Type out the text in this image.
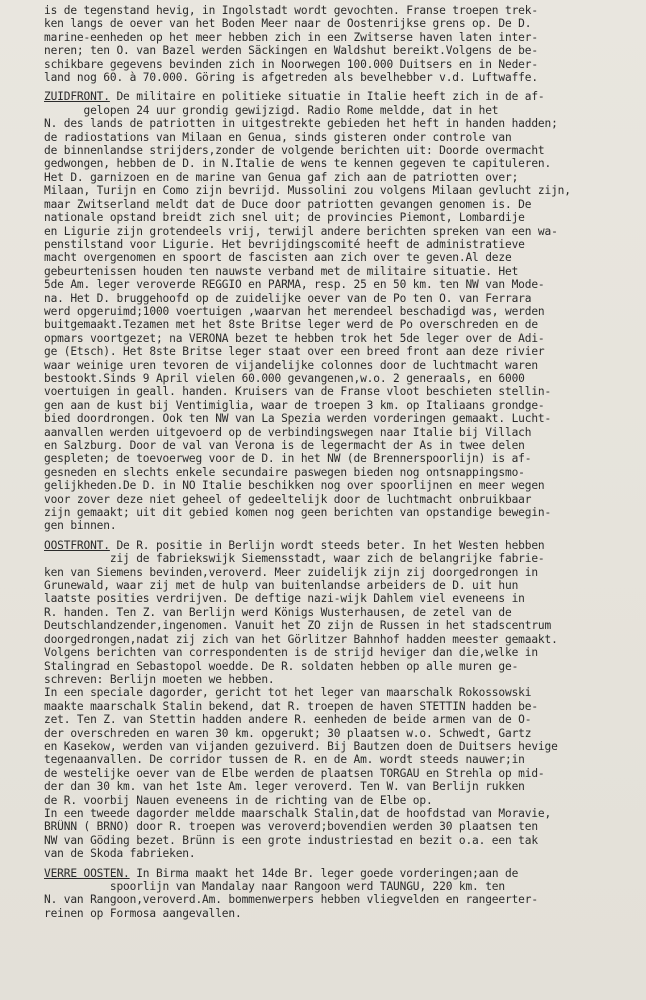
is de tegenstand hevig, in Ingolstadt wordt gevochten. Franse troepen trek-
ken langs de oever van het Boden Meer naar de Oostenrijkse grens op. De D.
marine-eenheden op het meer hebben zich in een Zwitserse haven laten inter-
neren; ten O. van Bazel werden Säckingen en Waldshut bereikt.Volgens de be-
schikbare gegevens bevinden zich in Noorwegen 100.000 Duitsers en in Neder-
land nog 60. à 70.000. Göring is afgetreden als bevelhebber v.d. Luftwaffe.
ZUIDFRONT. De militaire en politieke situatie in Italie heeft zich in de af-
gelopen 24 uur grondig gewijzigd. Radio Rome meldde, dat in het
N. des lands de patriotten in uitgestrekte gebieden het heft in handen hadden;
de radiostations van Milaan en Genua, sinds gisteren onder controle van
de binnenlandse strijders,zonder de volgende berichten uit: Doorde overmacht
gedwongen, hebben de D. in N.Italie de wens te kennen gegeven te capituleren.
Het D. garnizoen en de marine van Genua gaf zich aan de patriotten over;
Milaan, Turijn en Como zijn bevrijd. Mussolini zou volgens Milaan gevlucht zijn,
maar Zwitserland meldt dat de Duce door patriotten gevangen genomen is. De
nationale opstand breidt zich snel uit; de provincies Piemont, Lombardije
en Ligurie zijn grotendeels vrij, terwijl andere berichten spreken van een wa-
penstilstand voor Ligurie. Het bevrijdingscomité heeft de administratieve
macht overgenomen en spoort de fascisten aan zich over te geven.Al deze
gebeurtenissen houden ten nauwste verband met de militaire situatie. Het
5de Am. leger veroverde REGGIO en PARMA, resp. 25 en 50 km. ten NW van Mode-
na. Het D. bruggehoofd op de zuidelijke oever van de Po ten O. van Ferrara
werd opgeruimd;1000 voertuigen ,waarvan het merendeel beschadigd was, werden
buitgemaakt.Tezamen met het 8ste Britse leger werd de Po overschreden en de
opmars voortgezet; na VERONA bezet te hebben trok het 5de leger over de Adi-
ge (Etsch). Het 8ste Britse leger staat over een breed front aan deze rivier
waar weinige uren tevoren de vijandelijke colonnes door de luchtmacht waren
bestookt.Sinds 9 April vielen 60.000 gevangenen,w.o. 2 generaals, en 6000
voertuigen in geall. handen. Kruisers van de Franse vloot beschieten stellin-
gen aan de kust bij Ventimiglia, waar de troepen 3 km. op Italiaans grondge-
bied doordrongen. Ook ten NW van La Spezia werden vorderingen gemaakt. Lucht-
aanvallen werden uitgevoerd op de verbindingswegen naar Italie bij Villach
en Salzburg. Door de val van Verona is de legermacht der As in twee delen
gespleten; de toevoerweg voor de D. in het NW (de Brennerspoorlijn) is af-
gesneden en slechts enkele secundaire paswegen bieden nog ontsnappingsmo-
gelijkheden.De D. in NO Italie beschikken nog over spoorlijnen en meer wegen
voor zover deze niet geheel of gedeeltelijk door de luchtmacht onbruikbaar
zijn gemaakt; uit dit gebied komen nog geen berichten van opstandige bewegin-
gen binnen.
OOSTFRONT. De R. positie in Berlijn wordt steeds beter. In het Westen hebben
zij de fabriekswijk Siemensstadt, waar zich de belangrijke fabrie-
ken van Siemens bevinden,veroverd. Meer zuidelijk zijn zij doorgedrongen in
Grunewald, waar zij met de hulp van buitenlandse arbeiders de D. uit hun
laatste posities verdrijven. De deftige nazi-wijk Dahlem viel eveneens in
R. handen. Ten Z. van Berlijn werd Königs Wusterhausen, de zetel van de
Deutschlandzender,ingenomen. Vanuit het ZO zijn de Russen in het stadscentrum
doorgedrongen,nadat zij zich van het Görlitzer Bahnhof hadden meester gemaakt.
Volgens berichten van correspondenten is de strijd heviger dan die,welke in
Stalingrad en Sebastopol woedde. De R. soldaten hebben op alle muren ge-
schreven: Berlijn moeten we hebben.
In een speciale dagorder, gericht tot het leger van maarschalk Rokossowski
maakte maarschalk Stalin bekend, dat R. troepen de haven STETTIN hadden be-
zet. Ten Z. van Stettin hadden andere R. eenheden de beide armen van de O-
der overschreden en waren 30 km. opgerukt; 30 plaatsen w.o. Schwedt, Gartz
en Kasekow, werden van vijanden gezuiverd. Bij Bautzen doen de Duitsers hevige
tegenaanvallen. De corridor tussen de R. en de Am. wordt steeds nauwer;in
de westelijke oever van de Elbe werden de plaatsen TORGAU en Strehla op mid-
der dan 30 km. van het 1ste Am. leger veroverd. Ten W. van Berlijn rukken
de R. voorbij Nauen eveneens in de richting van de Elbe op.
In een tweede dagorder meldde maarschalk Stalin,dat de hoofdstad van Moravie,
BRÜNN ( BRNO) door R. troepen was veroverd;bovendien werden 30 plaatsen ten
NW van Göding bezet. Brünn is een grote industriestad en bezit o.a. een tak
van de Skoda fabrieken.
VERRE OOSTEN. In Birma maakt het 14de Br. leger goede vorderingen;aan de
spoorlijn van Mandalay naar Rangoon werd TAUNGU, 220 km. ten
N. van Rangoon,veroverd.Am. bommenwerpers hebben vliegvelden en rangeerter-
reinen op Formosa aangevallen.
